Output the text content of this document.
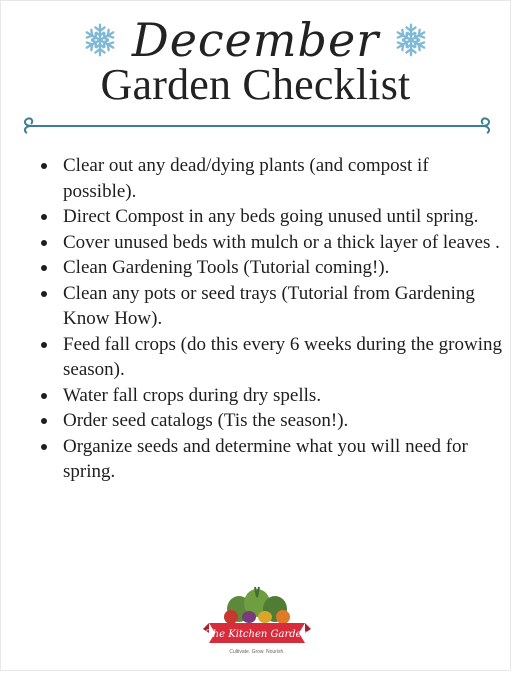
December
Garden Checklist
Clear out any dead/dying plants (and compost if possible).
Direct Compost in any beds going unused until spring.
Cover unused beds with mulch or a thick layer of leaves .
Clean Gardening Tools (Tutorial coming!).
Clean any pots or seed trays (Tutorial from Gardening Know How).
Feed fall crops (do this every 6 weeks during the growing season).
Water fall crops during dry spells.
Order seed catalogs (Tis the season!).
Organize seeds and determine what you will need for spring.
The Kitchen Garden
Cultivate. Grow. Nourish.
